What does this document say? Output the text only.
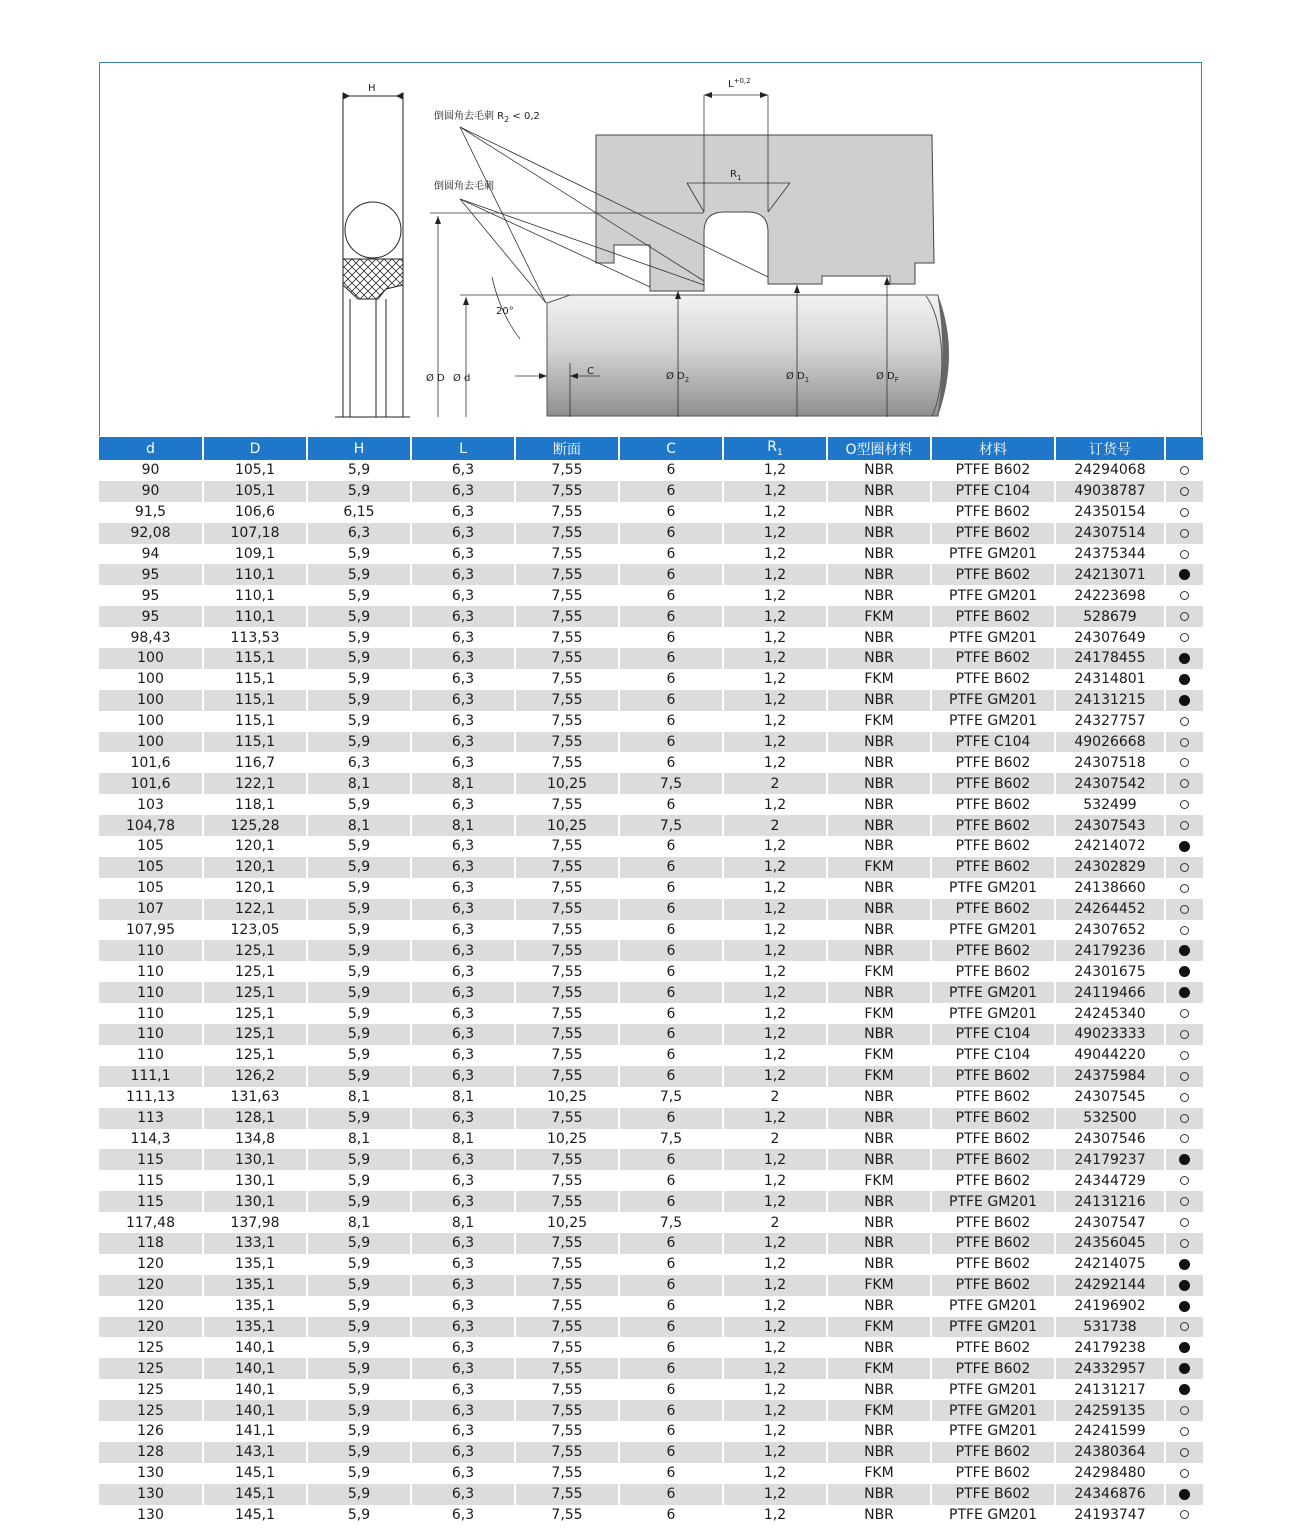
H
倒圆角去毛刺 $R_2 < 0,2$
倒圆角去毛刺
$L^{+0,2}$
$R_1$
20°
C
Ø D Ø d	Ø $D_2$	Ø $D_1$	Ø $D_F$
d	D	H	L	断面	C	$R_1$	O型圈材料	材料	订货号	
90	105,1	5,9	6,3	7,55	6	1,2	NBR	PTFE B602	24294068	
90	105,1	5,9	6,3	7,55	6	1,2	NBR	PTFE C104	49038787	
91,5	106,6	6,15	6,3	7,55	6	1,2	NBR	PTFE B602	24350154	
92,08	107,18	6,3	6,3	7,55	6	1,2	NBR	PTFE B602	24307514	
94	109,1	5,9	6,3	7,55	6	1,2	NBR	PTFE GM201	24375344	
95	110,1	5,9	6,3	7,55	6	1,2	NBR	PTFE B602	24213071	
95	110,1	5,9	6,3	7,55	6	1,2	NBR	PTFE GM201	24223698	
95	110,1	5,9	6,3	7,55	6	1,2	FKM	PTFE B602	528679	
98,43	113,53	5,9	6,3	7,55	6	1,2	NBR	PTFE GM201	24307649	
100	115,1	5,9	6,3	7,55	6	1,2	NBR	PTFE B602	24178455	
100	115,1	5,9	6,3	7,55	6	1,2	FKM	PTFE B602	24314801	
100	115,1	5,9	6,3	7,55	6	1,2	NBR	PTFE GM201	24131215	
100	115,1	5,9	6,3	7,55	6	1,2	FKM	PTFE GM201	24327757	
100	115,1	5,9	6,3	7,55	6	1,2	NBR	PTFE C104	49026668	
101,6	116,7	6,3	6,3	7,55	6	1,2	NBR	PTFE B602	24307518	
101,6	122,1	8,1	8,1	10,25	7,5	2	NBR	PTFE B602	24307542	
103	118,1	5,9	6,3	7,55	6	1,2	NBR	PTFE B602	532499	
104,78	125,28	8,1	8,1	10,25	7,5	2	NBR	PTFE B602	24307543	
105	120,1	5,9	6,3	7,55	6	1,2	NBR	PTFE B602	24214072	
105	120,1	5,9	6,3	7,55	6	1,2	FKM	PTFE B602	24302829	
105	120,1	5,9	6,3	7,55	6	1,2	NBR	PTFE GM201	24138660	
107	122,1	5,9	6,3	7,55	6	1,2	NBR	PTFE B602	24264452	
107,95	123,05	5,9	6,3	7,55	6	1,2	NBR	PTFE GM201	24307652	
110	125,1	5,9	6,3	7,55	6	1,2	NBR	PTFE B602	24179236	
110	125,1	5,9	6,3	7,55	6	1,2	FKM	PTFE B602	24301675	
110	125,1	5,9	6,3	7,55	6	1,2	NBR	PTFE GM201	24119466	
110	125,1	5,9	6,3	7,55	6	1,2	FKM	PTFE GM201	24245340	
110	125,1	5,9	6,3	7,55	6	1,2	NBR	PTFE C104	49023333	
110	125,1	5,9	6,3	7,55	6	1,2	FKM	PTFE C104	49044220	
111,1	126,2	5,9	6,3	7,55	6	1,2	FKM	PTFE B602	24375984	
111,13	131,63	8,1	8,1	10,25	7,5	2	NBR	PTFE B602	24307545	
113	128,1	5,9	6,3	7,55	6	1,2	NBR	PTFE B602	532500	
114,3	134,8	8,1	8,1	10,25	7,5	2	NBR	PTFE B602	24307546	
115	130,1	5,9	6,3	7,55	6	1,2	NBR	PTFE B602	24179237	
115	130,1	5,9	6,3	7,55	6	1,2	FKM	PTFE B602	24344729	
115	130,1	5,9	6,3	7,55	6	1,2	NBR	PTFE GM201	24131216	
117,48	137,98	8,1	8,1	10,25	7,5	2	NBR	PTFE B602	24307547	
118	133,1	5,9	6,3	7,55	6	1,2	NBR	PTFE B602	24356045	
120	135,1	5,9	6,3	7,55	6	1,2	NBR	PTFE B602	24214075	
120	135,1	5,9	6,3	7,55	6	1,2	FKM	PTFE B602	24292144	
120	135,1	5,9	6,3	7,55	6	1,2	NBR	PTFE GM201	24196902	
120	135,1	5,9	6,3	7,55	6	1,2	FKM	PTFE GM201	531738	
125	140,1	5,9	6,3	7,55	6	1,2	NBR	PTFE B602	24179238	
125	140,1	5,9	6,3	7,55	6	1,2	FKM	PTFE B602	24332957	
125	140,1	5,9	6,3	7,55	6	1,2	NBR	PTFE GM201	24131217	
125	140,1	5,9	6,3	7,55	6	1,2	FKM	PTFE GM201	24259135	
126	141,1	5,9	6,3	7,55	6	1,2	NBR	PTFE GM201	24241599	
128	143,1	5,9	6,3	7,55	6	1,2	NBR	PTFE B602	24380364	
130	145,1	5,9	6,3	7,55	6	1,2	FKM	PTFE B602	24298480	
130	145,1	5,9	6,3	7,55	6	1,2	NBR	PTFE B602	24346876	
130	145,1	5,9	6,3	7,55	6	1,2	NBR	PTFE GM201	24193747	
